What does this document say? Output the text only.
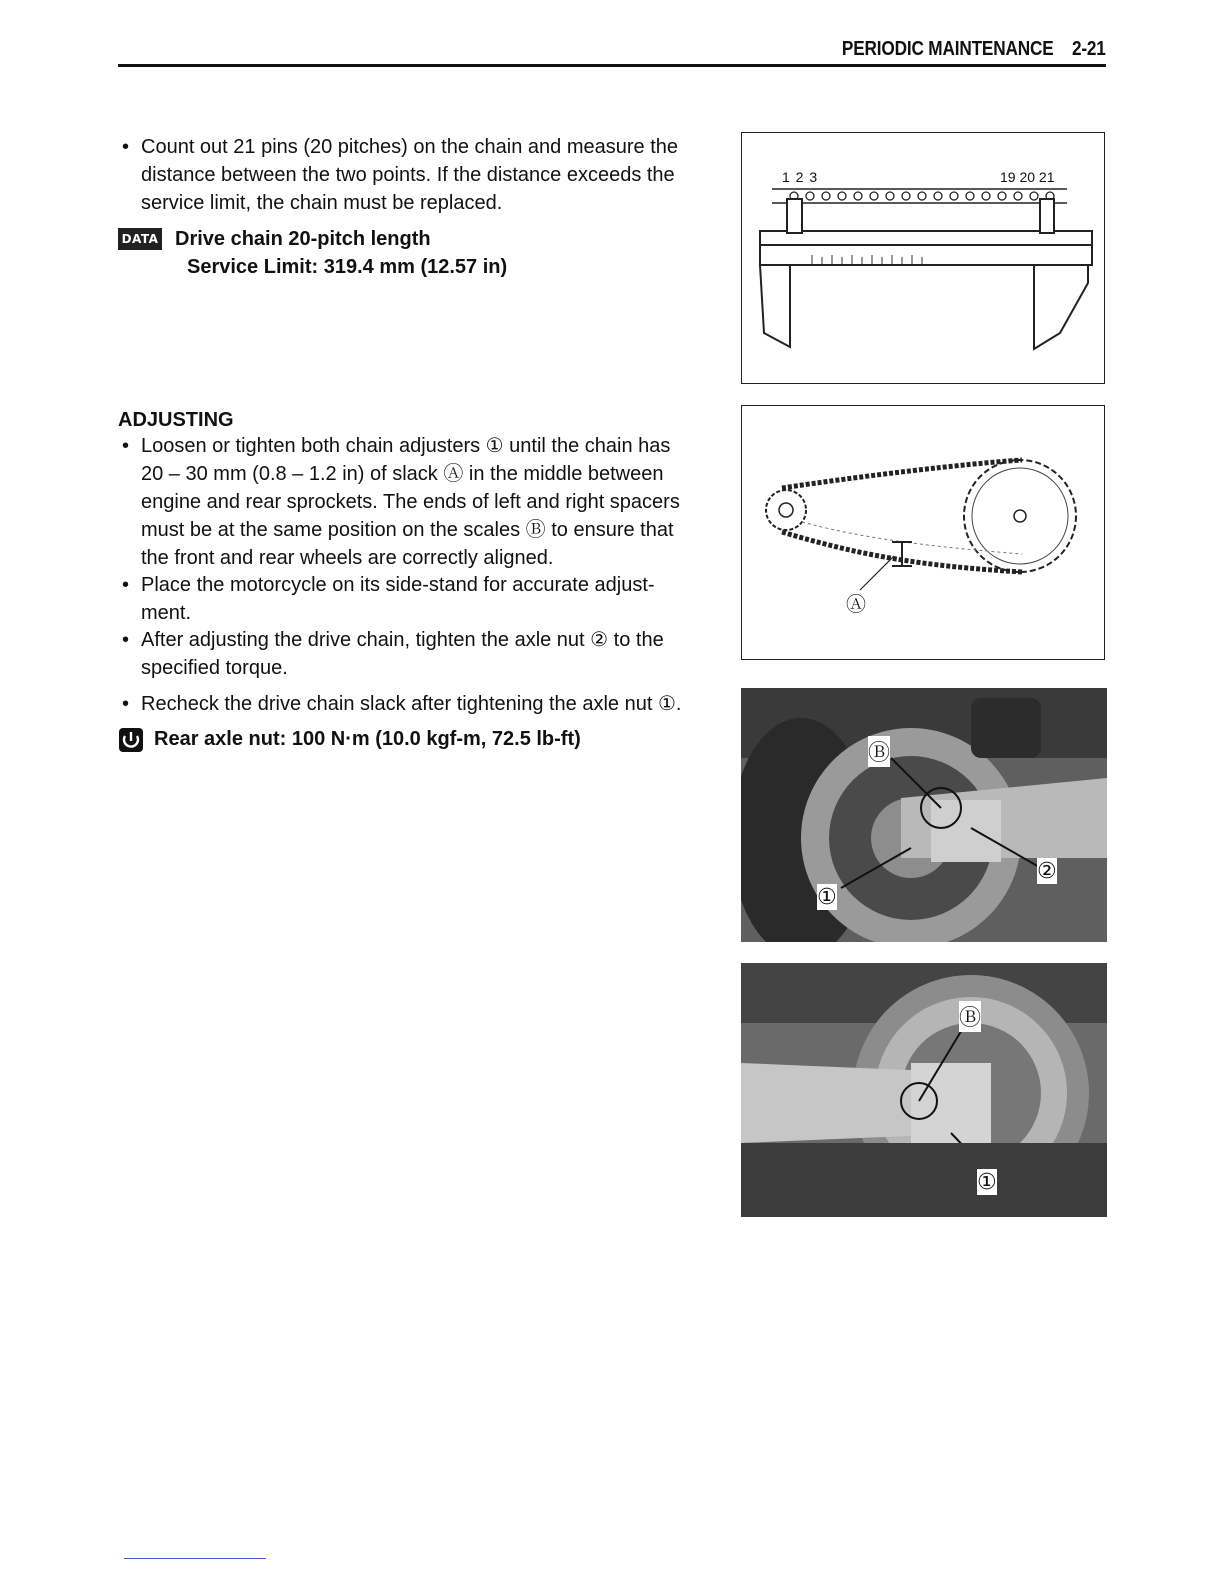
PERIODIC MAINTENANCE 2-21
• Count out 21 pins (20 pitches) on the chain and measure the
distance between the two points. If the distance exceeds the
service limit, the chain must be replaced.
DATA Drive chain 20-pitch length
Service Limit: 319.4 mm (12.57 in)
ADJUSTING
• Loosen or tighten both chain adjusters ① until the chain has
20 – 30 mm (0.8 – 1.2 in) of slack Ⓐ in the middle between
engine and rear sprockets. The ends of left and right spacers
must be at the same position on the scales Ⓑ to ensure that
the front and rear wheels are correctly aligned.
• Place the motorcycle on its side-stand for accurate adjust-
ment.
• After adjusting the drive chain, tighten the axle nut ② to the
specified torque.
• Recheck the drive chain slack after tightening the axle nut ①.
Rear axle nut: 100 N·m (10.0 kgf-m, 72.5 lb-ft)
1 2 3	19 20 21
Ⓐ
Ⓑ
②
①
Ⓑ
①
